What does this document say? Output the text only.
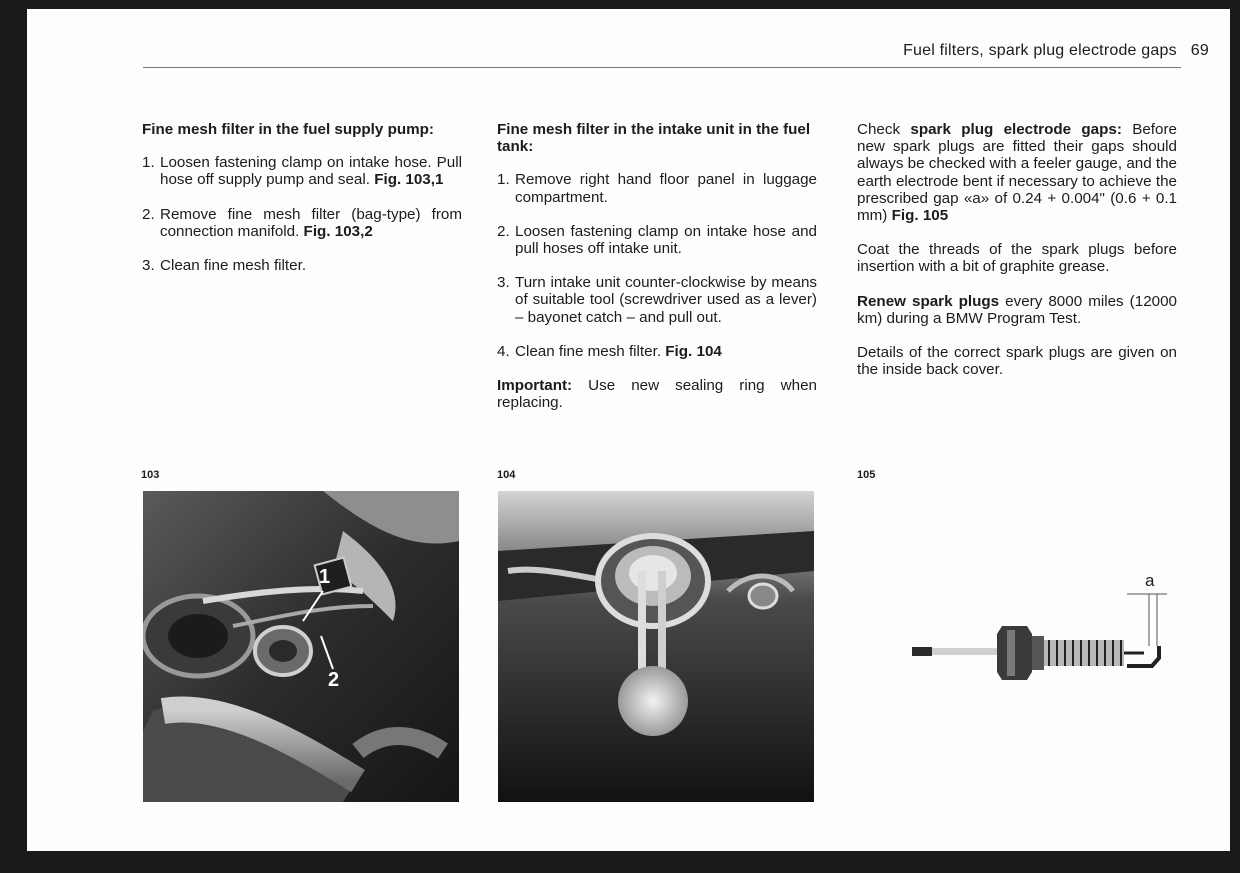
Fuel filters, spark plug electrode gaps 69
Fine mesh filter in the fuel supply pump:
1. Loosen fastening clamp on intake hose. Pull hose off supply pump and seal. Fig. 103,1
2. Remove fine mesh filter (bag-type) from connection manifold. Fig. 103,2
3. Clean fine mesh filter.
Fine mesh filter in the intake unit in the fuel tank:
1. Remove right hand floor panel in luggage compartment.
2. Loosen fastening clamp on intake hose and pull hoses off intake unit.
3. Turn intake unit counter-clockwise by means of suitable tool (screwdriver used as a lever) – bayonet catch – and pull out.
4. Clean fine mesh filter. Fig. 104

Important: Use new sealing ring when replacing.

Check spark plug electrode gaps: Before new spark plugs are fitted their gaps should always be checked with a feeler gauge, and the earth electrode bent if necessary to achieve the prescribed gap «a» of 0.24 + 0.004" (0.6 + 0.1 mm) Fig. 105

Coat the threads of the spark plugs before insertion with a bit of graphite grease.

Renew spark plugs every 8000 miles (12000 km) during a BMW Program Test.

Details of the correct spark plugs are given on the inside back cover.

103	104	105
1
2
a
